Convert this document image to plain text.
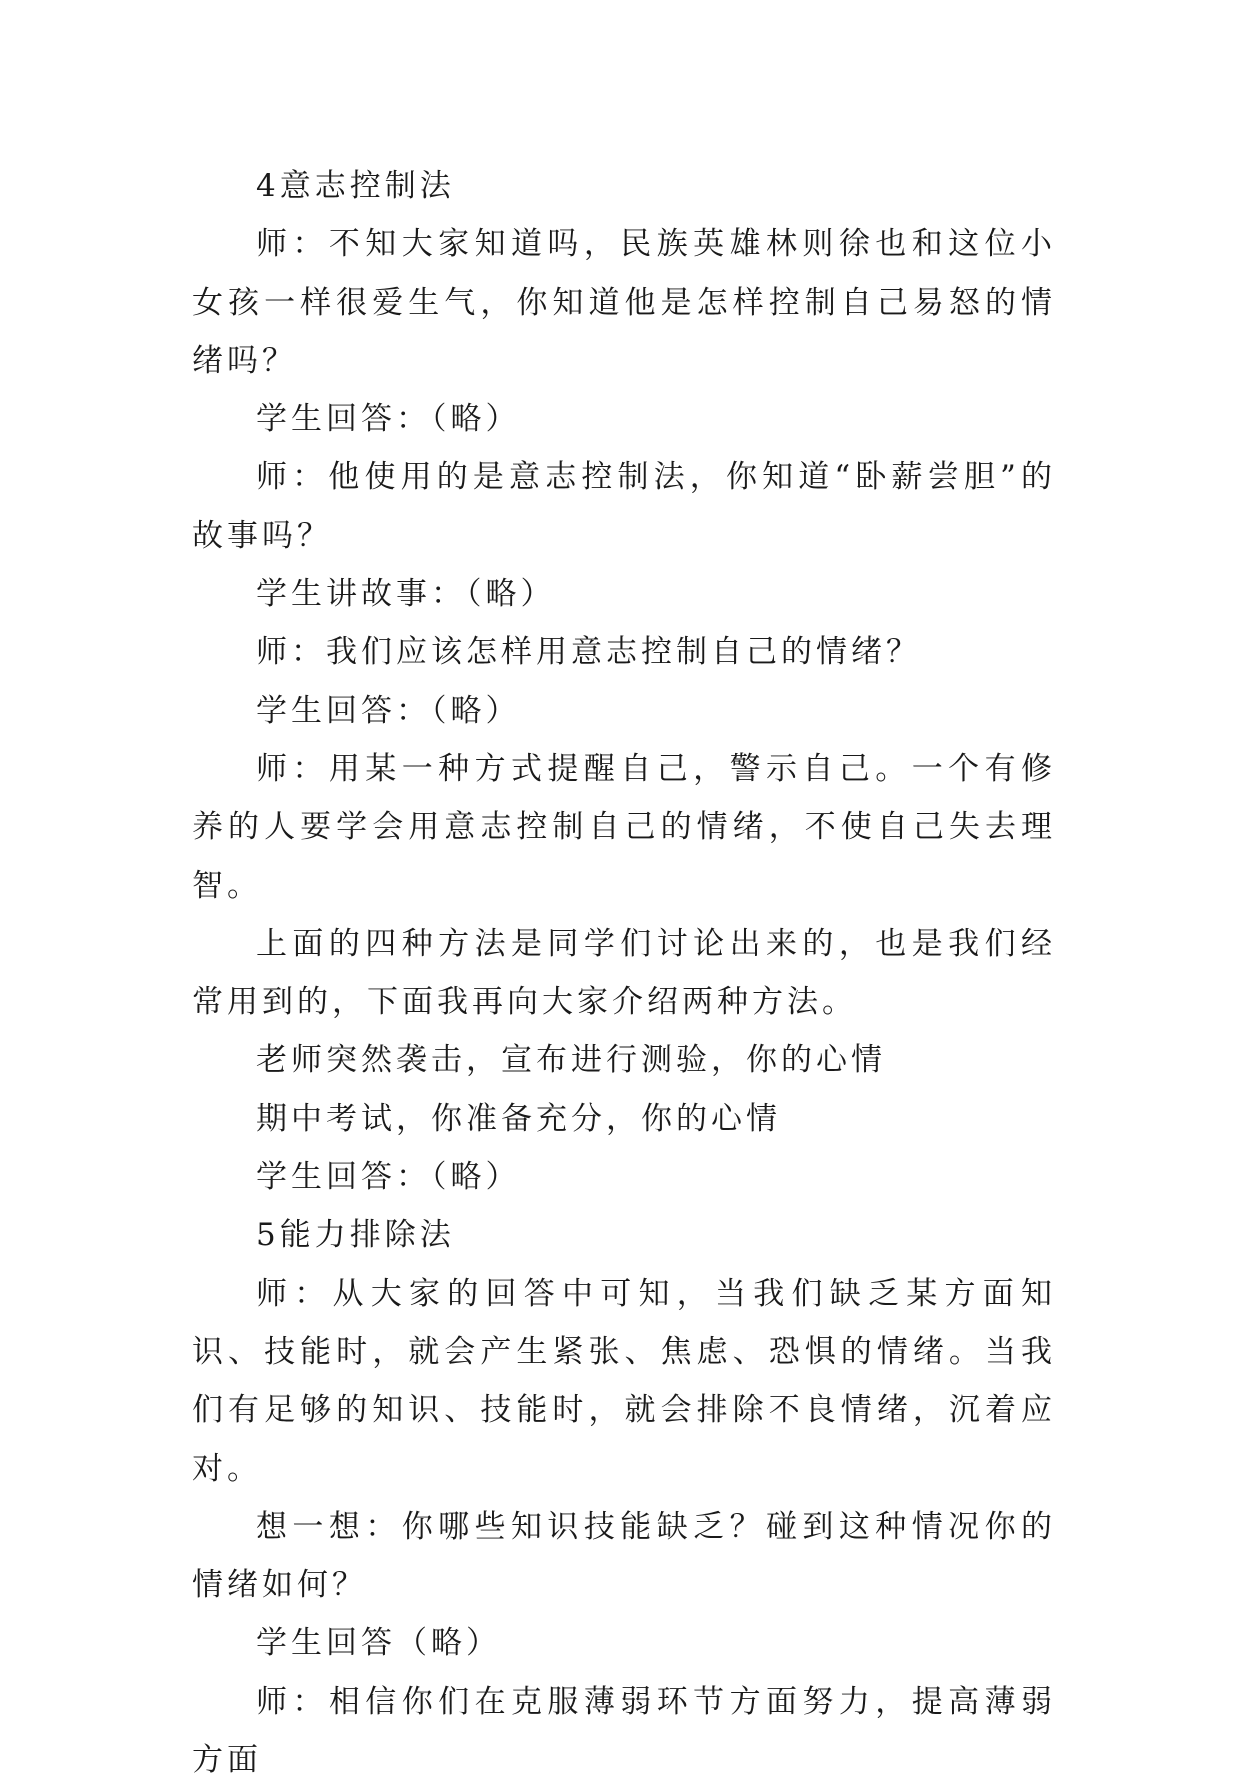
4意志控制法

师：不知大家知道吗，民族英雄林则徐也和这位小女孩一样很爱生气，你知道他是怎样控制自己易怒的情绪吗？

学生回答：（略）

师：他使用的是意志控制法，你知道“卧薪尝胆”的故事吗？

学生讲故事：（略）

师：我们应该怎样用意志控制自己的情绪？

学生回答：（略）

师：用某一种方式提醒自己，警示自己。一个有修养的人要学会用意志控制自己的情绪，不使自己失去理智。

上面的四种方法是同学们讨论出来的，也是我们经常用到的，下面我再向大家介绍两种方法。

老师突然袭击，宣布进行测验，你的心情

期中考试，你准备充分，你的心情

学生回答：（略）

5能力排除法

师：从大家的回答中可知，当我们缺乏某方面知识、技能时，就会产生紧张、焦虑、恐惧的情绪。当我们有足够的知识、技能时，就会排除不良情绪，沉着应对。

想一想：你哪些知识技能缺乏？碰到这种情况你的情绪如何？

学生回答（略）

师：相信你们在克服薄弱环节方面努力，提高薄弱方面
